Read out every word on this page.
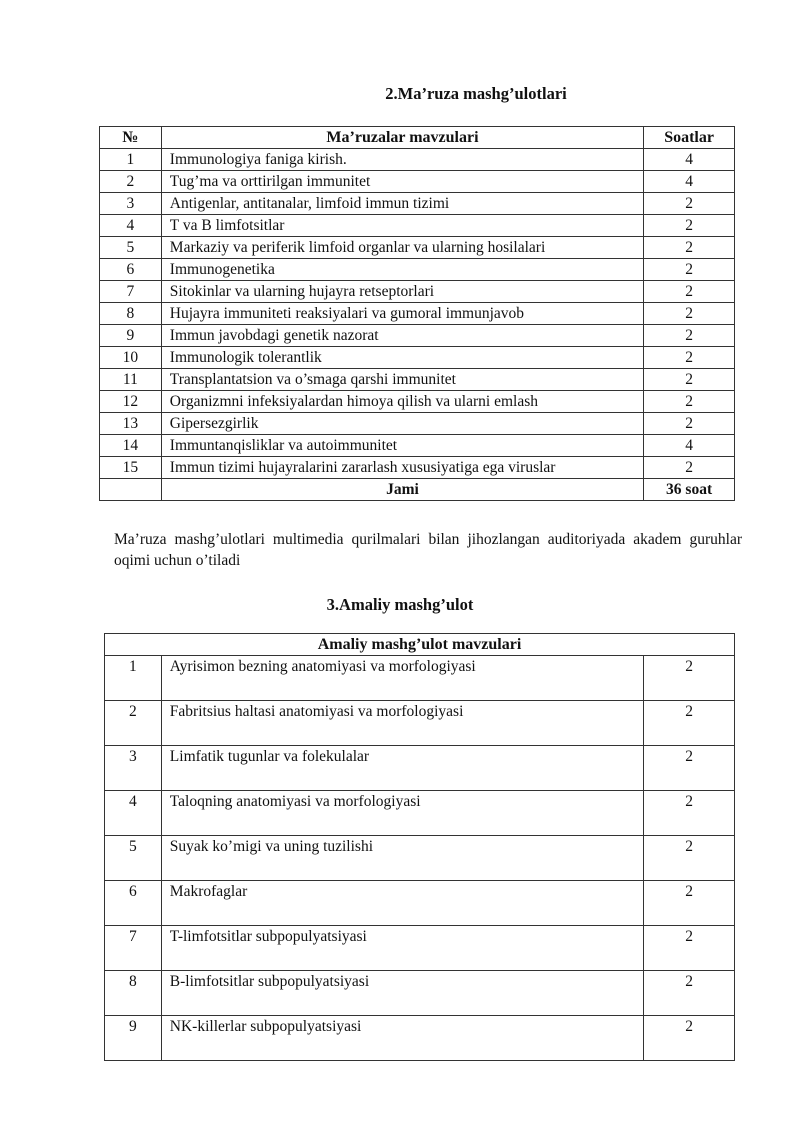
2.Ma’ruza mashg’ulotlari
№	Ma’ruzalar mavzulari	Soatlar
1	Immunologiya faniga kirish.	4
2	Tug’ma va orttirilgan immunitet	4
3	Antigenlar, antitanalar, limfoid immun tizimi	2
4	T va B limfotsitlar	2
5	Markaziy va periferik limfoid organlar va ularning hosilalari	2
6	Immunogenetika	2
7	Sitokinlar va ularning hujayra retseptorlari	2
8	Hujayra immuniteti reaksiyalari va gumoral immunjavob	2
9	Immun javobdagi genetik nazorat	2
10	Immunologik tolerantlik	2
11	Transplantatsion va o’smaga qarshi immunitet	2
12	Organizmni infeksiyalardan himoya qilish va ularni emlash	2
13	Gipersezgirlik	2
14	Immuntanqisliklar va autoimmunitet	4
15	Immun tizimi hujayralarini zararlash xususiyatiga ega viruslar	2
	Jami	36 soat
Ma’ruza mashg’ulotlari multimedia qurilmalari bilan jihozlangan auditoriyada akadem guruhlar oqimi uchun o’tiladi
3.Amaliy mashg’ulot
Amaliy mashg’ulot mavzulari		
1	Ayrisimon bezning anatomiyasi va morfologiyasi	2
2	Fabritsius haltasi anatomiyasi va morfologiyasi	2
3	Limfatik tugunlar va folekulalar	2
4	Taloqning anatomiyasi va morfologiyasi	2
5	Suyak ko’migi va uning tuzilishi	2
6	Makrofaglar	2
7	T-limfotsitlar subpopulyatsiyasi	2
8	B-limfotsitlar subpopulyatsiyasi	2
9	NK-killerlar subpopulyatsiyasi	2
